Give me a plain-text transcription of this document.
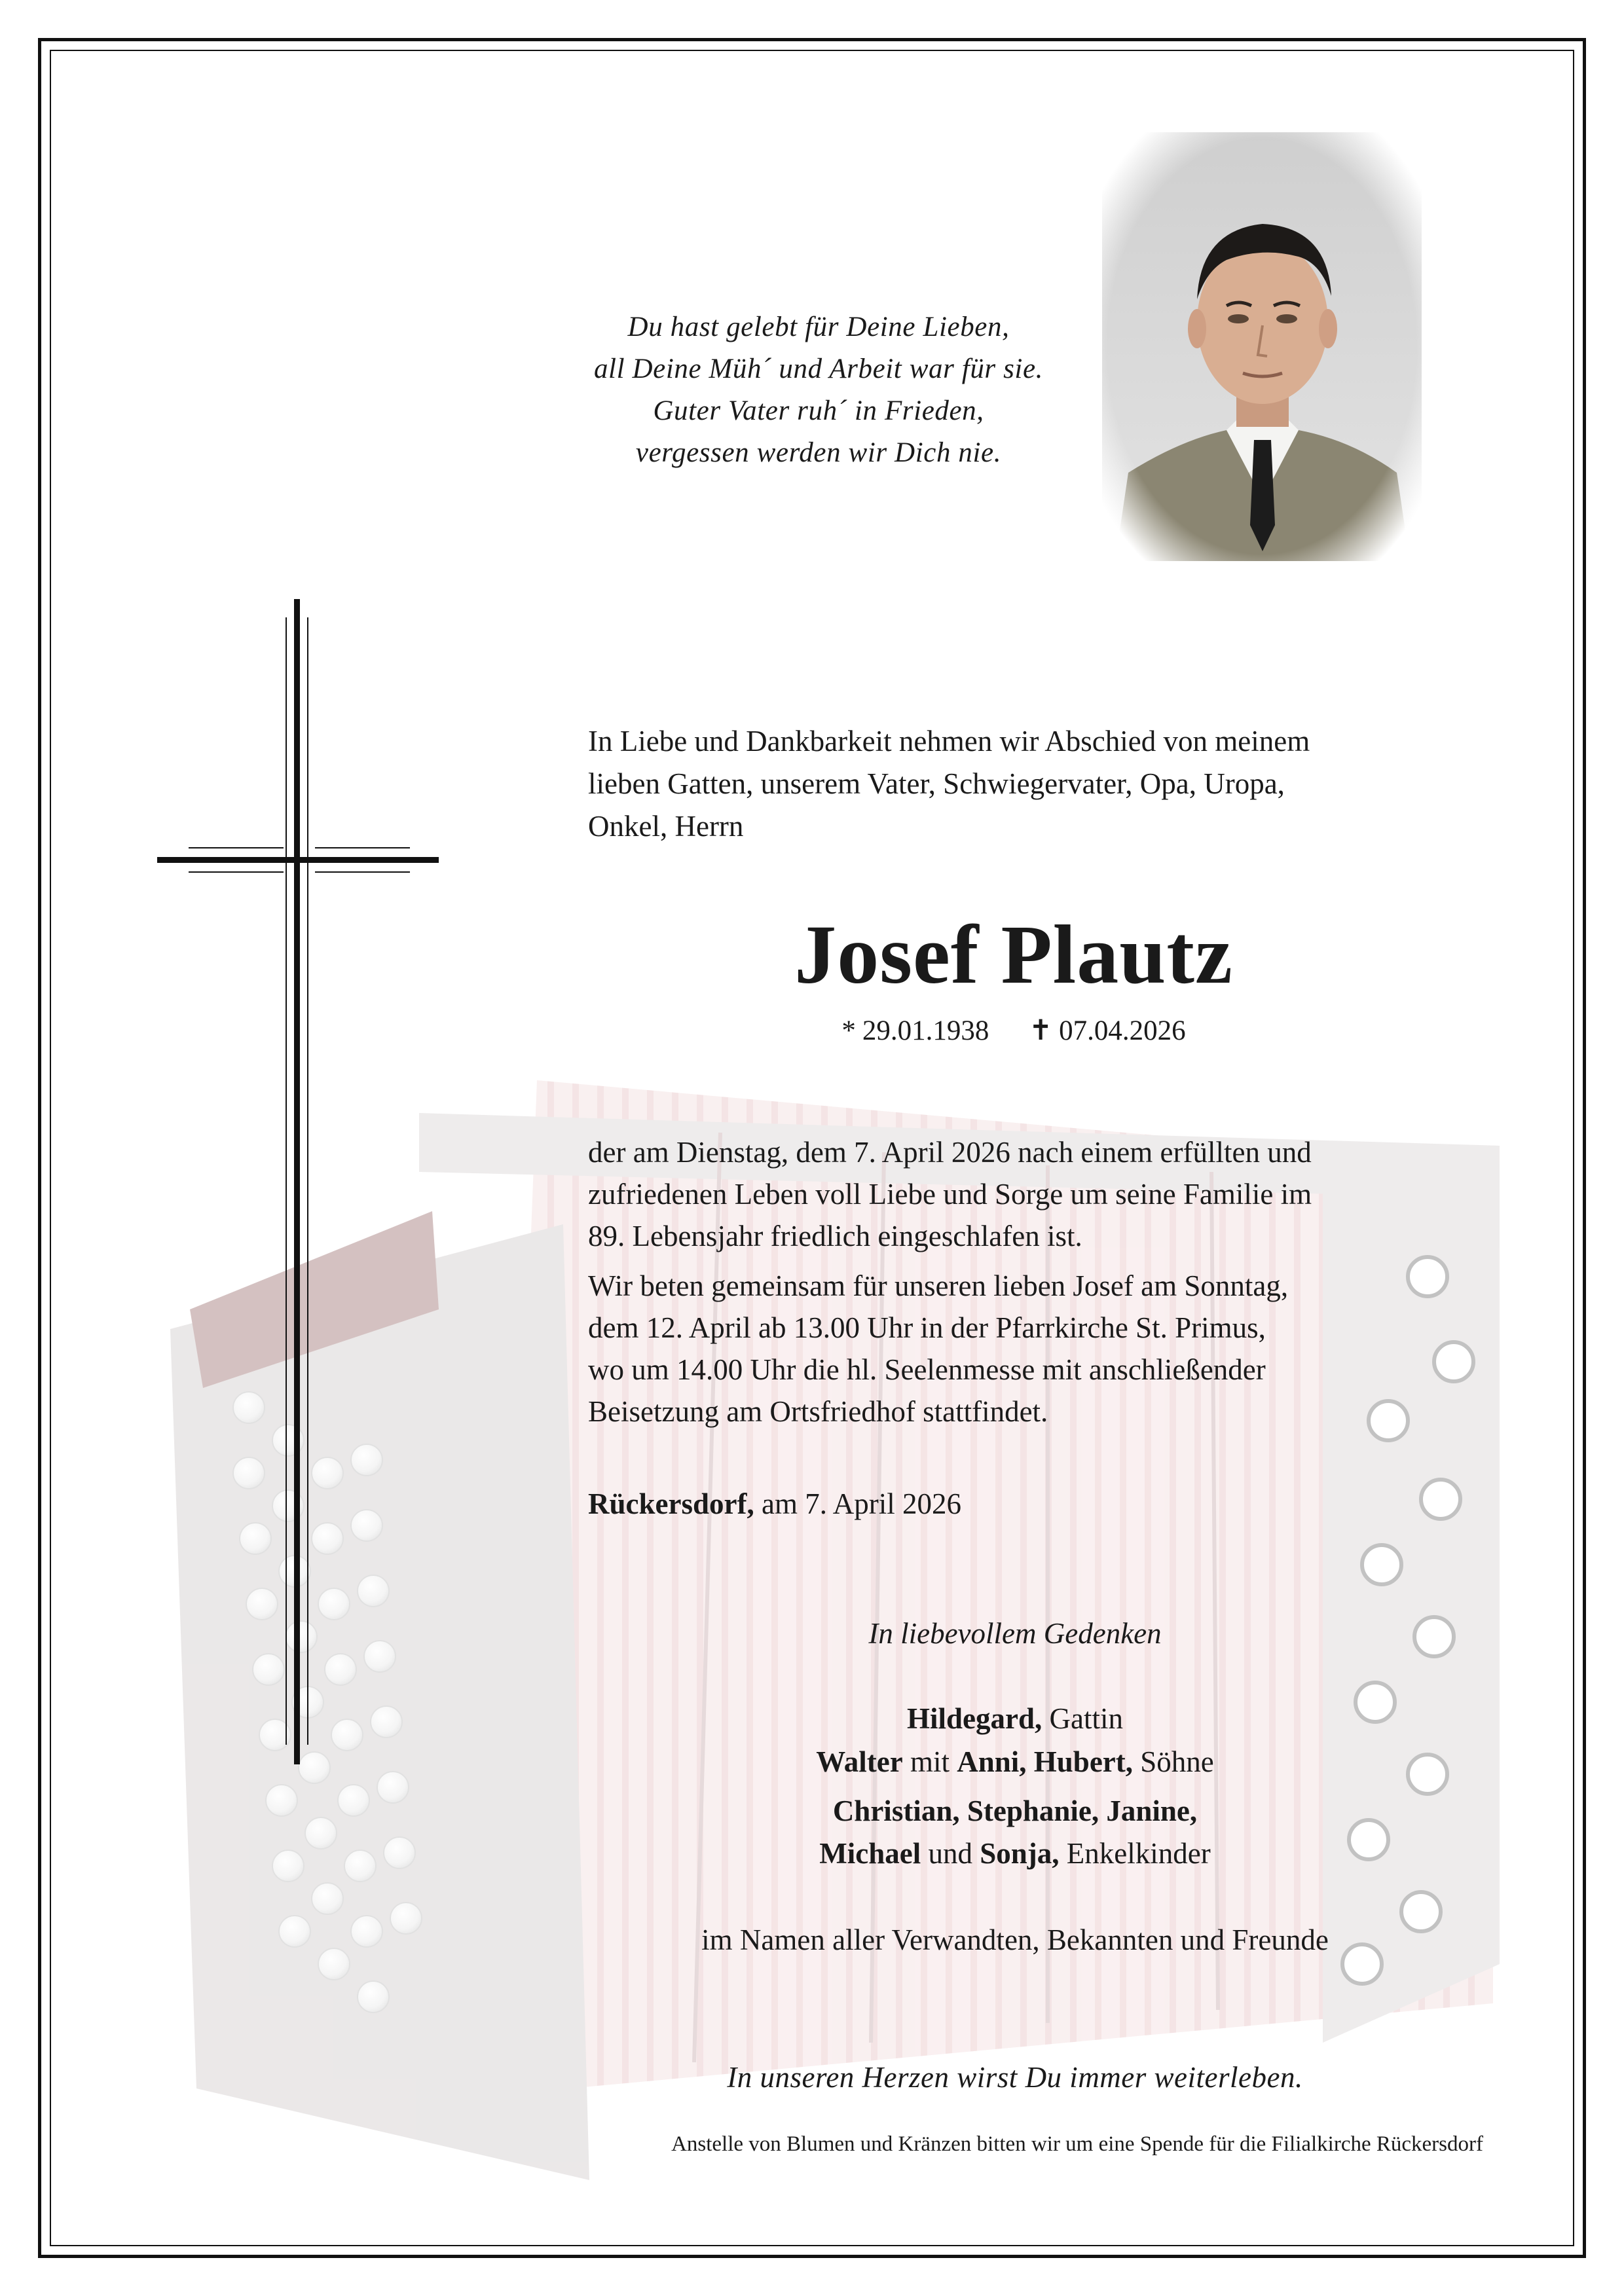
Du hast gelebt für Deine Lieben,
all Deine Müh´ und Arbeit war für sie.
Guter Vater ruh´ in Frieden,
vergessen werden wir Dich nie.
In Liebe und Dankbarkeit nehmen wir Abschied von meinem
lieben Gatten, unserem Vater, Schwiegervater, Opa, Uropa,
Onkel, Herrn
Josef Plautz
* 29.01.1938 ✝ 07.04.2026
der am Dienstag, dem 7. April 2026 nach einem erfüllten und
zufriedenen Leben voll Liebe und Sorge um seine Familie im
89. Lebensjahr friedlich eingeschlafen ist.
Wir beten gemeinsam für unseren lieben Josef am Sonntag,
dem 12. April ab 13.00 Uhr in der Pfarrkirche St. Primus,
wo um 14.00 Uhr die hl. Seelenmesse mit anschließender
Beisetzung am Ortsfriedhof stattfindet.
Rückersdorf, am 7. April 2026
In liebevollem Gedenken
Hildegard, Gattin
Walter mit Anni, Hubert, Söhne
Christian, Stephanie, Janine,
Michael und Sonja, Enkelkinder
im Namen aller Verwandten, Bekannten und Freunde
In unseren Herzen wirst Du immer weiterleben.
Anstelle von Blumen und Kränzen bitten wir um eine Spende für die Filialkirche Rückersdorf
